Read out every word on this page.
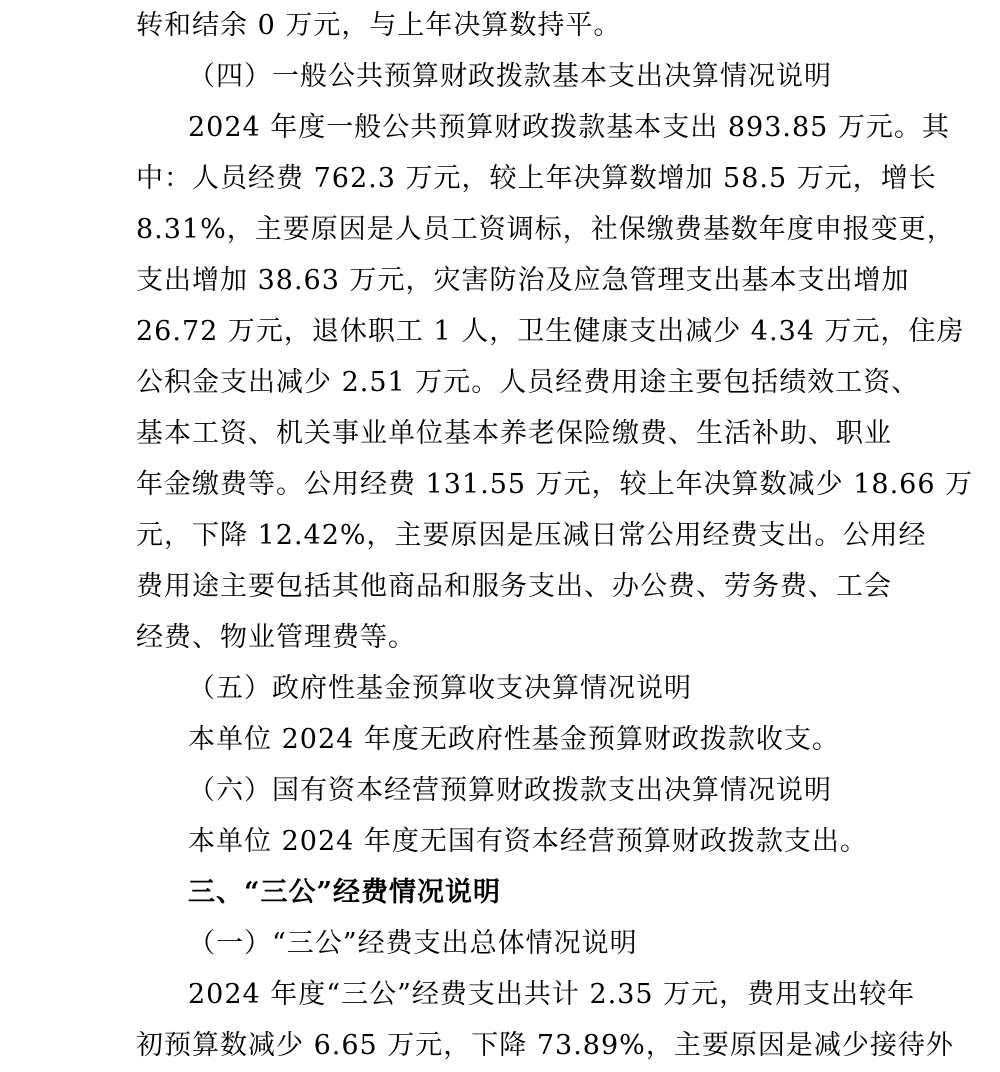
转和结余 0 万元，与上年决算数持平。
（四）一般公共预算财政拨款基本支出决算情况说明
2024 年度一般公共预算财政拨款基本支出 893.85 万元。其
中：人员经费 762.3 万元，较上年决算数增加 58.5 万元，增长
8.31%，主要原因是人员工资调标，社保缴费基数年度申报变更，
支出增加 38.63 万元，灾害防治及应急管理支出基本支出增加
26.72 万元，退休职工 1 人，卫生健康支出减少 4.34 万元，住房
公积金支出减少 2.51 万元。人员经费用途主要包括绩效工资、
基本工资、机关事业单位基本养老保险缴费、生活补助、职业
年金缴费等。公用经费 131.55 万元，较上年决算数减少 18.66 万
元，下降 12.42%，主要原因是压减日常公用经费支出。公用经
费用途主要包括其他商品和服务支出、办公费、劳务费、工会
经费、物业管理费等。
（五）政府性基金预算收支决算情况说明
本单位 2024 年度无政府性基金预算财政拨款收支。
（六）国有资本经营预算财政拨款支出决算情况说明
本单位 2024 年度无国有资本经营预算财政拨款支出。
三、“三公”经费情况说明
（一）“三公”经费支出总体情况说明
2024 年度“三公”经费支出共计 2.35 万元，费用支出较年
初预算数减少 6.65 万元，下降 73.89%，主要原因是减少接待外
